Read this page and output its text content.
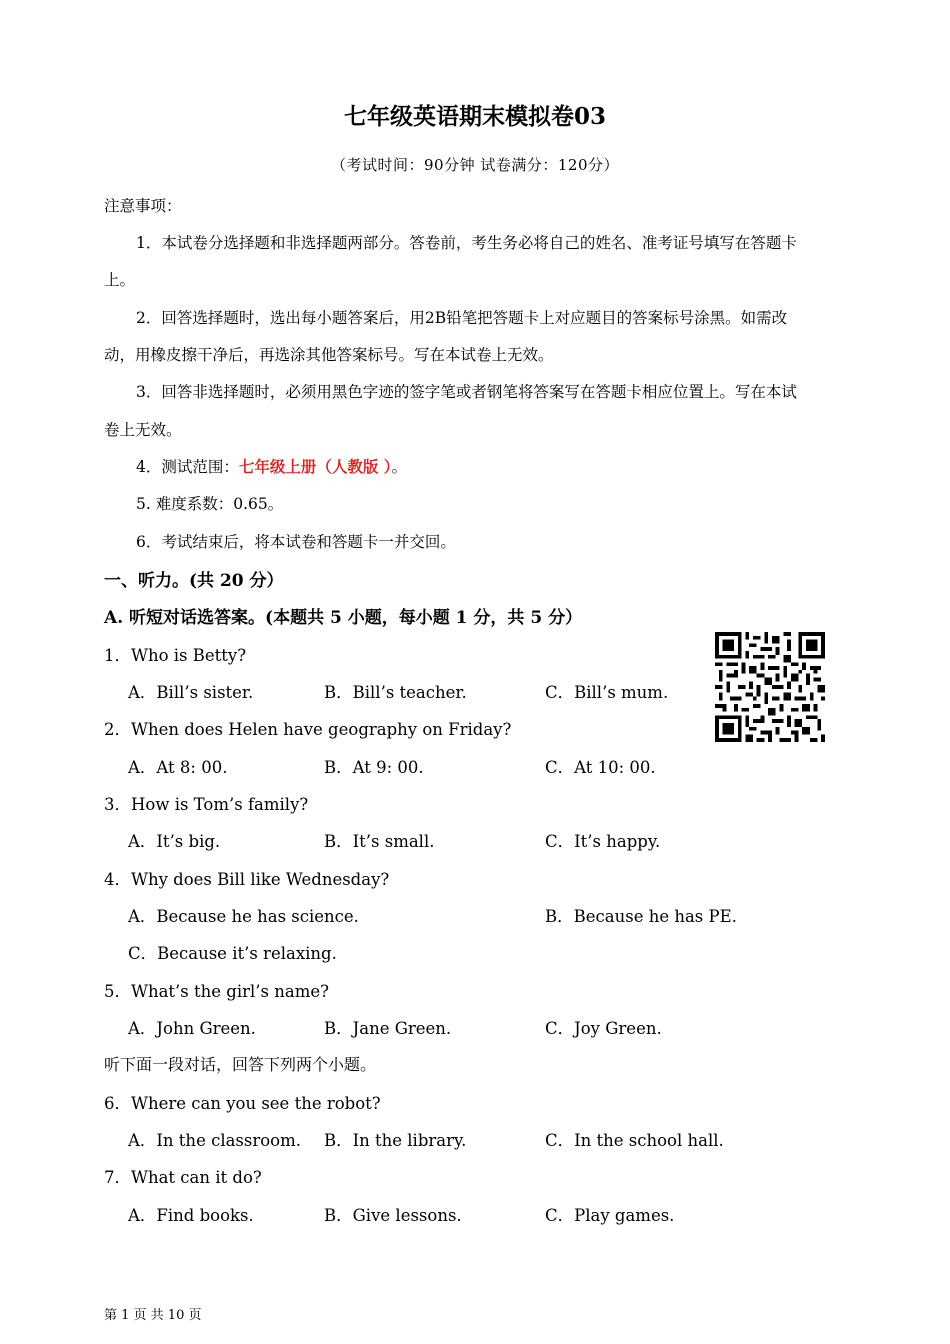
七年级英语期末模拟卷03
（考试时间：90分钟 试卷满分：120分）
注意事项：
1．本试卷分选择题和非选择题两部分。答卷前，考生务必将自己的姓名、准考证号填写在答题卡
上。
2．回答选择题时，选出每小题答案后，用2B铅笔把答题卡上对应题目的答案标号涂黑。如需改
动，用橡皮擦干净后，再选涂其他答案标号。写在本试卷上无效。
3．回答非选择题时，必须用黑色字迹的签字笔或者钢笔将答案写在答题卡相应位置上。写在本试
卷上无效。
4．测试范围：七年级上册（人教版 ）。
5. 难度系数：0.65。
6．考试结束后，将本试卷和答题卡一并交回。
一、听力。(共 20 分）
A. 听短对话选答案。(本题共 5 小题，每小题 1 分，共 5 分）
1．Who is Betty?
A．Bill’s sister.	B．Bill’s teacher.	C．Bill’s mum.
2．When does Helen have geography on Friday?
A．At 8: 00.	B．At 9: 00.	C．At 10: 00.
3．How is Tom’s family?
A．It’s big.	B．It’s small.	C．It’s happy.
4．Why does Bill like Wednesday?
A．Because he has science.	B．Because he has PE.
C．Because it’s relaxing.
5．What’s the girl’s name?
A．John Green.	B．Jane Green.	C．Joy Green.
听下面一段对话，回答下列两个小题。
6．Where can you see the robot?
A．In the classroom. B．In the library.	C．In the school hall.
7．What can it do?
A．Find books.	B．Give lessons.	C．Play games.
第 1 页 共 10 页
